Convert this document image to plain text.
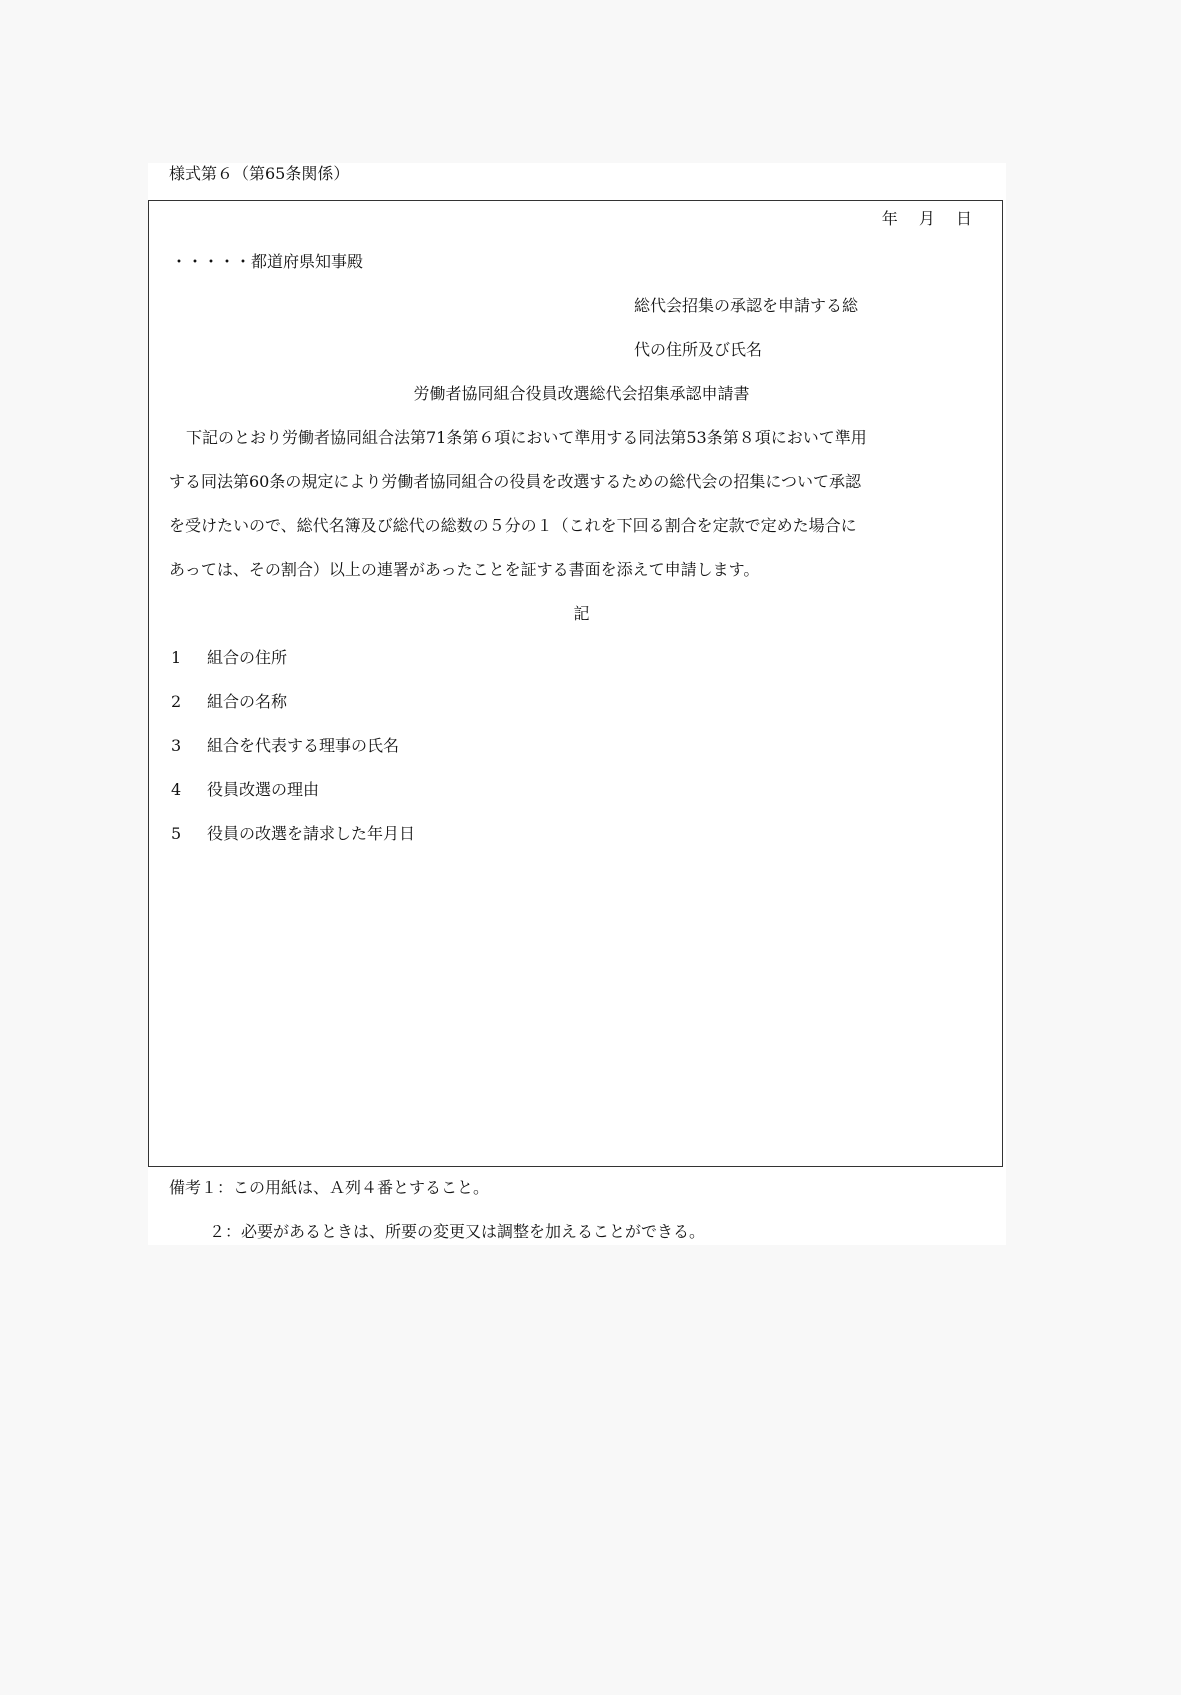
様式第６（第65条関係）
年 月 日
・・・・・都道府県知事殿
総代会招集の承認を申請する総
代の住所及び氏名
労働者協同組合役員改選総代会招集承認申請書
下記のとおり労働者協同組合法第71条第６項において準用する同法第53条第８項において準用
する同法第60条の規定により労働者協同組合の役員を改選するための総代会の招集について承認
を受けたいので、総代名簿及び総代の総数の５分の１（これを下回る割合を定款で定めた場合に
あっては、その割合）以上の連署があったことを証する書面を添えて申請します。
記
1 組合の住所
2 組合の名称
3 組合を代表する理事の氏名
4 役員改選の理由
5 役員の改選を請求した年月日
備考１：この用紙は、Ａ列４番とすること。
２：必要があるときは、所要の変更又は調整を加えることができる。
